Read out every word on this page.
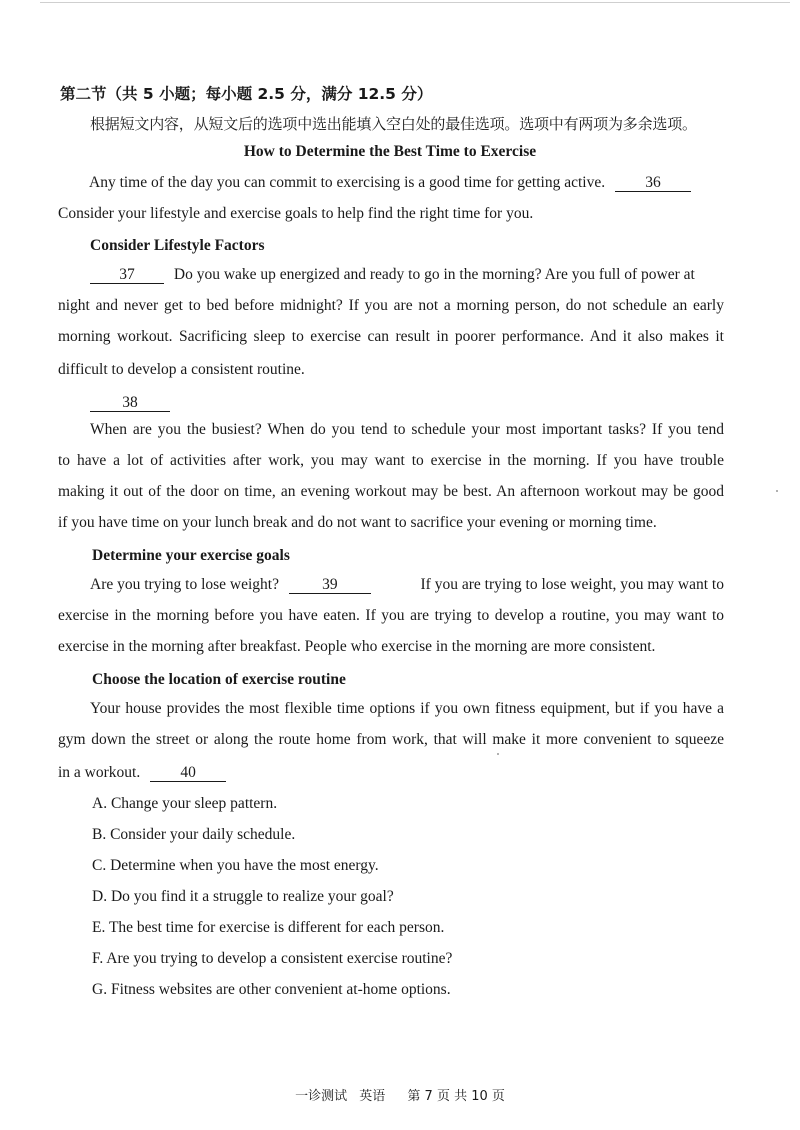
第二节（共 5 小题；每小题 2.5 分，满分 12.5 分）
根据短文内容，从短文后的选项中选出能填入空白处的最佳选项。选项中有两项为多余选项。
How to Determine the Best Time to Exercise
Any time of the day you can commit to exercising is a good time for getting active.	36
Consider your lifestyle and exercise goals to help find the right time for you.
Consider Lifestyle Factors
37	Do you wake up energized and ready to go in the morning? Are you full of power at
night and never get to bed before midnight? If you are not a morning person, do not schedule an early
morning workout. Sacrificing sleep to exercise can result in poorer performance. And it also makes it
difficult to develop a consistent routine.
38
When are you the busiest? When do you tend to schedule your most important tasks? If you tend
to have a lot of activities after work, you may want to exercise in the morning. If you have trouble
making it out of the door on time, an evening workout may be best. An afternoon workout may be good
if you have time on your lunch break and do not want to sacrifice your evening or morning time.
Determine your exercise goals
Are you trying to lose weight?	39	If you are trying to lose weight, you may want to
exercise in the morning before you have eaten. If you are trying to develop a routine, you may want to
exercise in the morning after breakfast. People who exercise in the morning are more consistent.
Choose the location of exercise routine
Your house provides the most flexible time options if you own fitness equipment, but if you have a
gym down the street or along the route home from work, that will make it more convenient to squeeze
in a workout.	40
A. Change your sleep pattern.
B. Consider your daily schedule.
C. Determine when you have the most energy.
D. Do you find it a struggle to realize your goal?
E. The best time for exercise is different for each person.
F. Are you trying to develop a consistent exercise routine?
G. Fitness websites are other convenient at-home options.
一诊测试 英语 第 7 页 共 10 页
